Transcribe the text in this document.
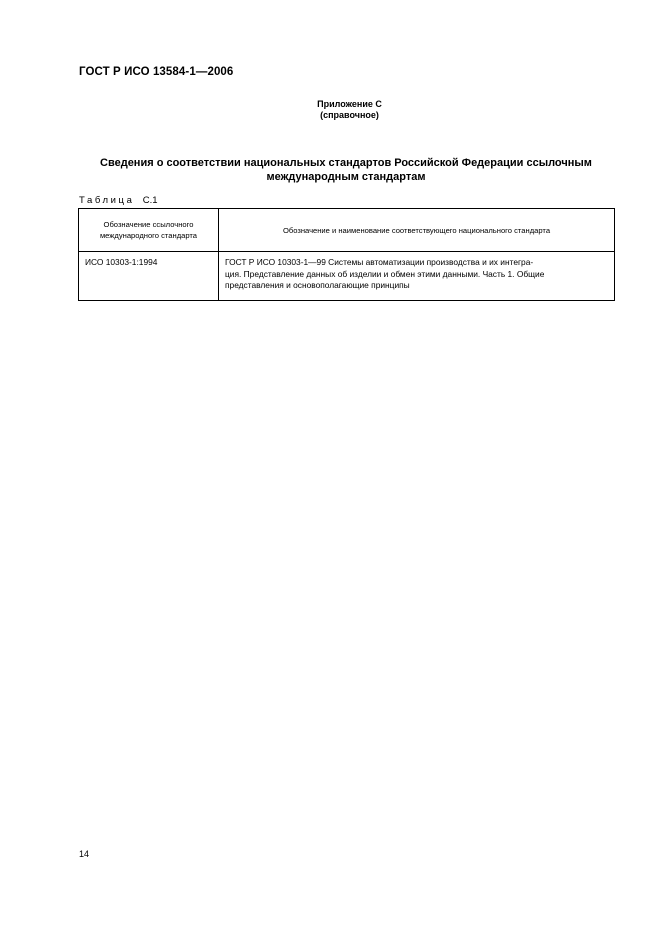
ГОСТ Р ИСО 13584-1—2006
Приложение С
(справочное)
Сведения о соответствии национальных стандартов Российской Федерации ссылочным
международным стандартам
Таблица С.1
Обозначение ссылочного международного стандарта	Обозначение и наименование соответствующего национального стандарта
ИСО 10303-1:1994	ГОСТ Р ИСО 10303-1—99 Системы автоматизации производства и их интегра-
ция. Представление данных об изделии и обмен этими данными. Часть 1. Общие
представления и основополагающие принципы
14
